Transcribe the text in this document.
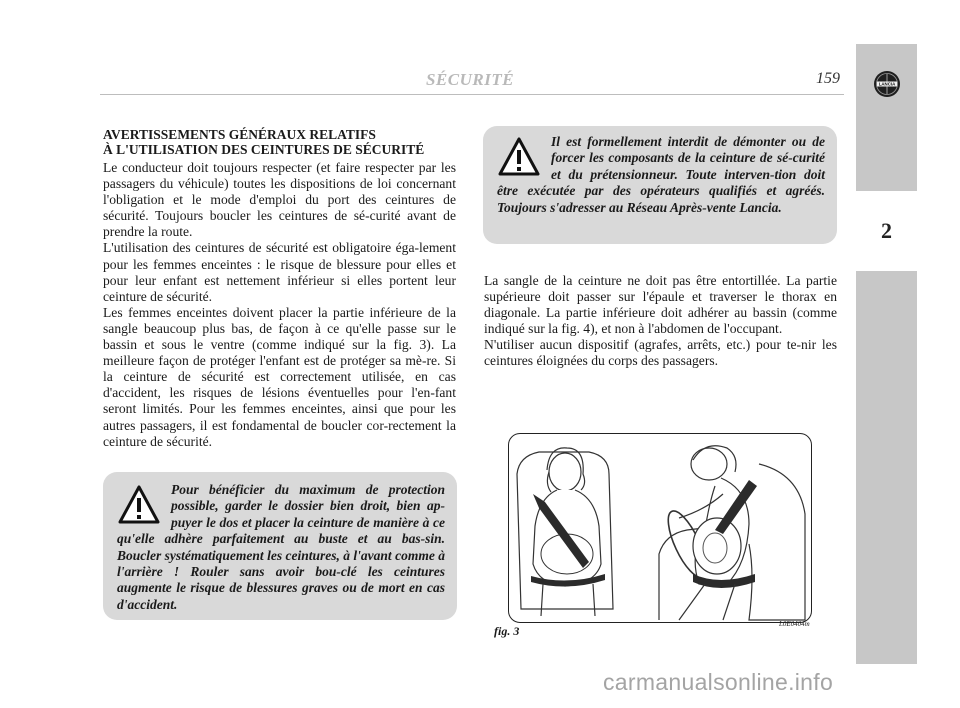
SÉCURITÉ	159	LANCIA
2
AVERTISSEMENTS GÉNÉRAUX RELATIFS
À L'UTILISATION DES CEINTURES DE SÉCURITÉ

Le conducteur doit toujours respecter (et faire respecter par les passagers du véhicule) toutes les dispositions de loi concernant l'obligation et le mode d'emploi du port des ceintures de sécurité. Toujours boucler les ceintures de sé-curité avant de prendre la route.

L'utilisation des ceintures de sécurité est obligatoire éga-lement pour les femmes enceintes : le risque de blessure pour elles et pour leur enfant est nettement inférieur si elles portent leur ceinture de sécurité.

Les femmes enceintes doivent placer la partie inférieure de la sangle beaucoup plus bas, de façon à ce qu'elle passe sur le bassin et sous le ventre (comme indiqué sur la fig. 3). La meilleure façon de protéger l'enfant est de protéger sa mè-re. Si la ceinture de sécurité est correctement utilisée, en cas d'accident, les risques de lésions éventuelles pour l'en-fant seront limités. Pour les femmes enceintes, ainsi que pour les autres passagers, il est fondamental de boucler cor-rectement la ceinture de sécurité.

Pour bénéficier du maximum de protection possible, garder le dossier bien droit, bien ap-puyer le dos et placer la ceinture de manière à ce qu'elle adhère parfaitement au buste et au bas-sin. Boucler systématiquement les ceintures, à l'avant comme à l'arrière ! Rouler sans avoir bou-clé les ceintures augmente le risque de blessures graves ou de mort en cas d'accident.
Il est formellement interdit de démonter ou de forcer les composants de la ceinture de sé-curité et du prétensionneur. Toute interven-tion doit être exécutée par des opérateurs qualifiés et agréés. Toujours s'adresser au Réseau Après-vente Lancia.

La sangle de la ceinture ne doit pas être entortillée. La partie supérieure doit passer sur l'épaule et traverser le thorax en diagonale. La partie inférieure doit adhérer au bassin (comme indiqué sur la fig. 4), et non à l'abdomen de l'occupant.

N'utiliser aucun dispositif (agrafes, arrêts, etc.) pour te-nir les ceintures éloignées du corps des passagers.

fig. 3	L0E0404m
carmanualsonline.info
